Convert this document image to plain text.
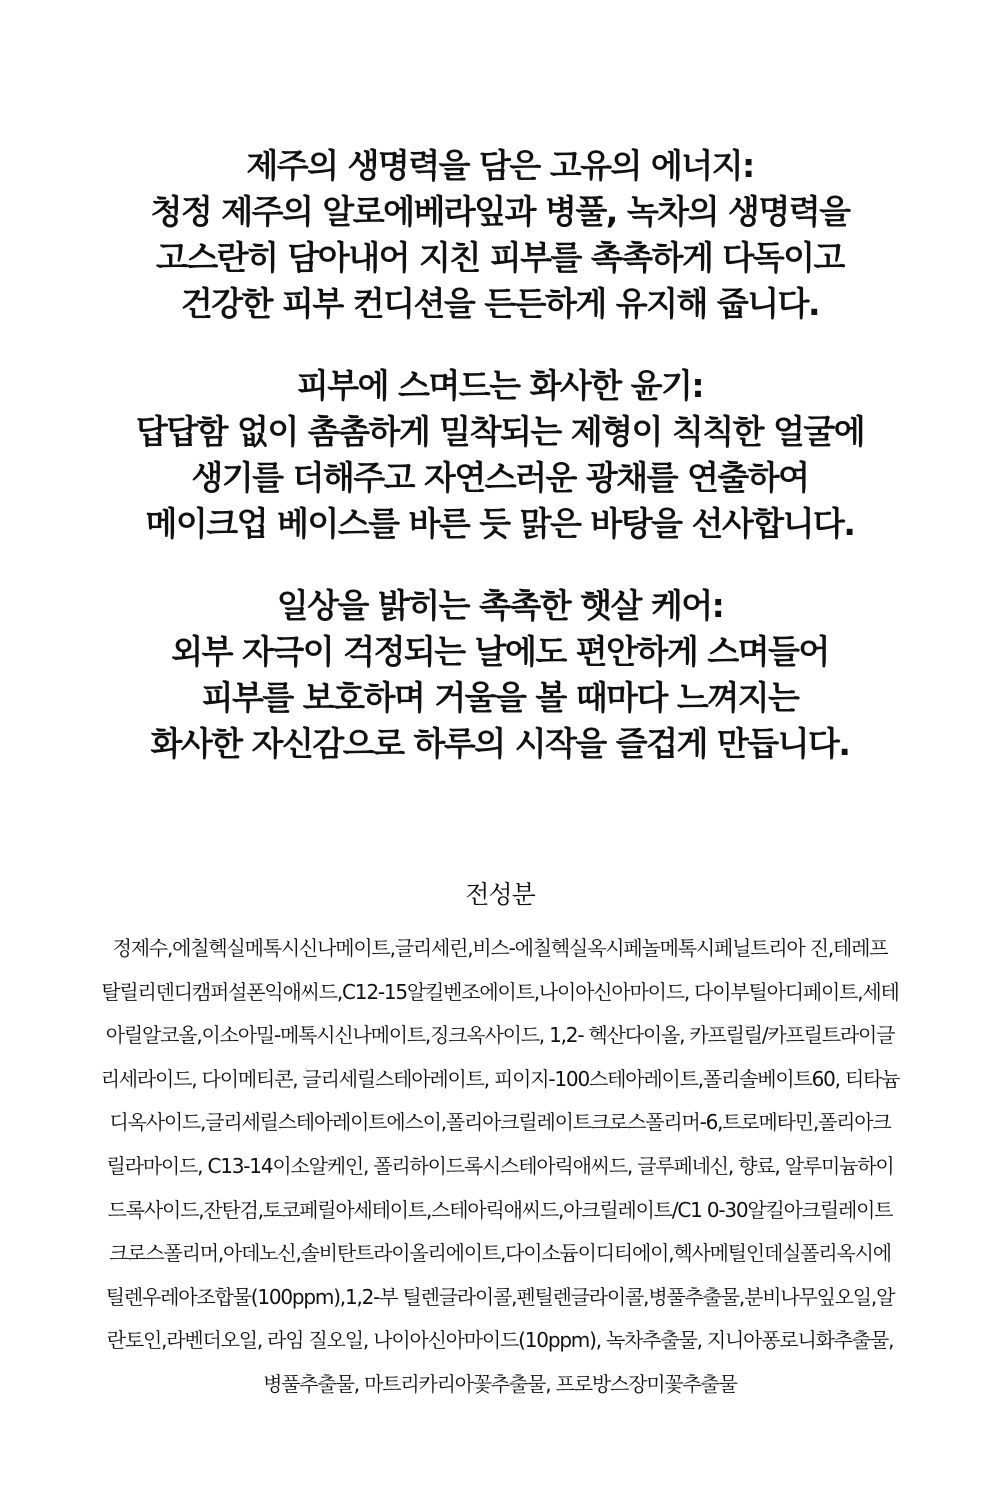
제주의 생명력을 담은 고유의 에너지:
청정 제주의 알로에베라잎과 병풀, 녹차의 생명력을
고스란히 담아내어 지친 피부를 촉촉하게 다독이고
건강한 피부 컨디션을 든든하게 유지해 줍니다.
피부에 스며드는 화사한 윤기:
답답함 없이 촘촘하게 밀착되는 제형이 칙칙한 얼굴에
생기를 더해주고 자연스러운 광채를 연출하여
메이크업 베이스를 바른 듯 맑은 바탕을 선사합니다.
일상을 밝히는 촉촉한 햇살 케어:
외부 자극이 걱정되는 날에도 편안하게 스며들어
피부를 보호하며 거울을 볼 때마다 느껴지는
화사한 자신감으로 하루의 시작을 즐겁게 만듭니다.
전성분
정제수,에칠헥실메톡시신나메이트,글리세린,비스-에칠헥실옥시페놀메톡시페닐트리아 진,테레프
탈릴리덴디캠퍼설폰익애씨드,C12-15알킬벤조에이트,나이아신아마이드, 다이부틸아디페이트,세테
아릴알코올,이소아밀-메톡시신나메이트,징크옥사이드, 1,2- 헥산다이올, 카프릴릴/카프릴트라이글
리세라이드, 다이메티콘, 글리세릴스테아레이트, 피이지-100스테아레이트,폴리솔베이트60, 티타늄
디옥사이드,글리세릴스테아레이트에스이,폴리아크릴레이트크로스폴리머-6,트로메타민,폴리아크
릴라마이드, C13-14이소알케인, 폴리하이드록시스테아릭애씨드, 글루페네신, 향료, 알루미늄하이
드록사이드,잔탄검,토코페릴아세테이트,스테아릭애씨드,아크릴레이트/C1 0-30알킬아크릴레이트
크로스폴리머,아데노신,솔비탄트라이올리에이트,다이소듐이디티에이,헥사메틸인데실폴리옥시에
틸렌우레아조합물(100ppm),1,2-부 틸렌글라이콜,펜틸렌글라이콜,병풀추출물,분비나무잎오일,알
란토인,라벤더오일, 라임 질오일, 나이아신아마이드(10ppm), 녹차추출물, 지니아퐁로니화추출물,
병풀추출물, 마트리카리아꽃추출물, 프로방스장미꽃추출물
